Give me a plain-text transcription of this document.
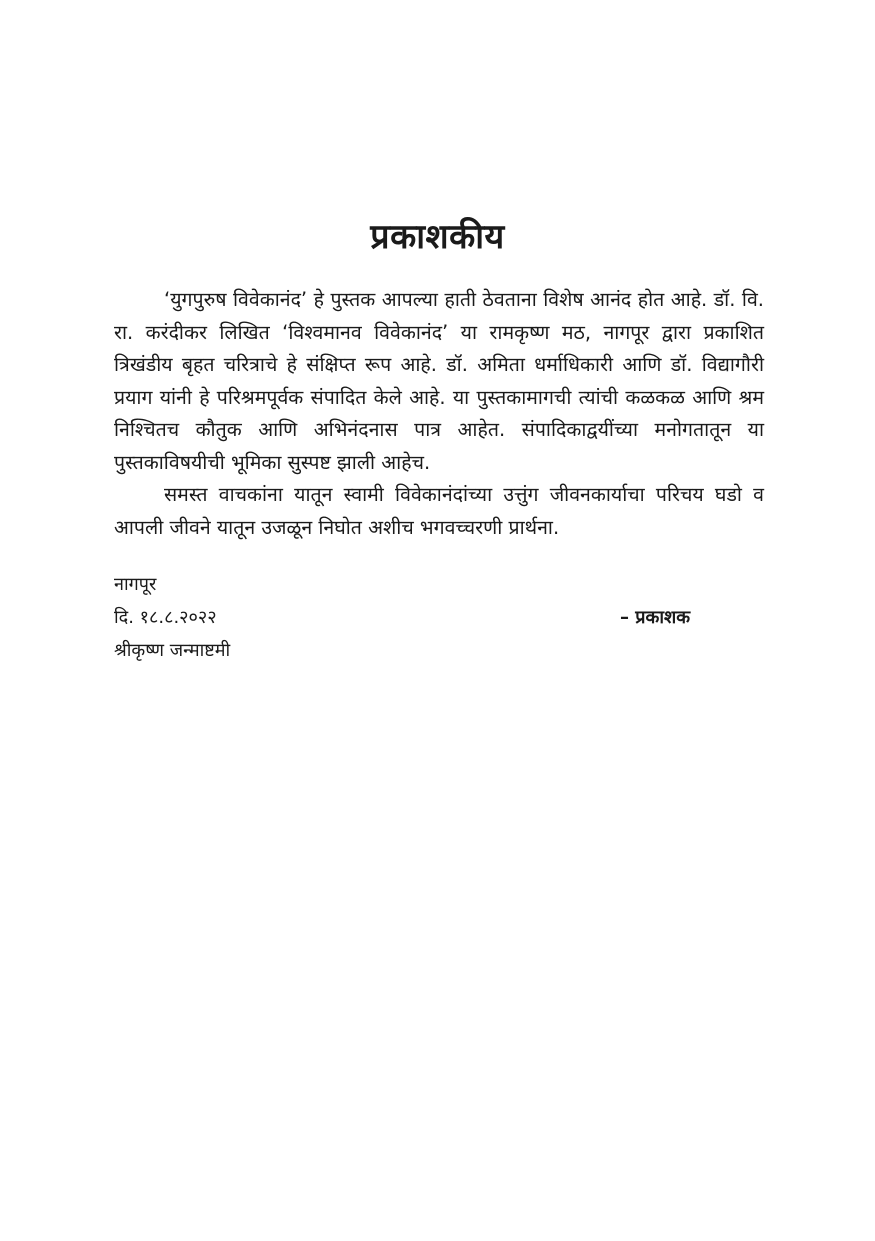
प्रकाशकीय

‘युगपुरुष विवेकानंद’ हे पुस्तक आपल्या हाती ठेवताना विशेष आनंद होत आहे. डॉ. वि. रा. करंदीकर लिखित ‘विश्वमानव विवेकानंद’ या रामकृष्ण मठ, नागपूर द्वारा प्रकाशित त्रिखंडीय बृहत चरित्राचे हे संक्षिप्त रूप आहे. डॉ. अमिता धर्माधिकारी आणि डॉ. विद्यागौरी प्रयाग यांनी हे परिश्रमपूर्वक संपादित केले आहे. या पुस्तकामागची त्यांची कळकळ आणि श्रम निश्चितच कौतुक आणि अभिनंदनास पात्र आहेत. संपादिकाद्वयींच्या मनोगतातून या पुस्तकाविषयीची भूमिका सुस्पष्ट झाली आहेच.

समस्त वाचकांना यातून स्वामी विवेकानंदांच्या उत्तुंग जीवनकार्याचा परिचय घडो व आपली जीवने यातून उजळून निघोत अशीच भगवच्चरणी प्रार्थना.

नागपूर
दि. १८.८.२०२२
श्रीकृष्ण जन्माष्टमी
– प्रकाशक
